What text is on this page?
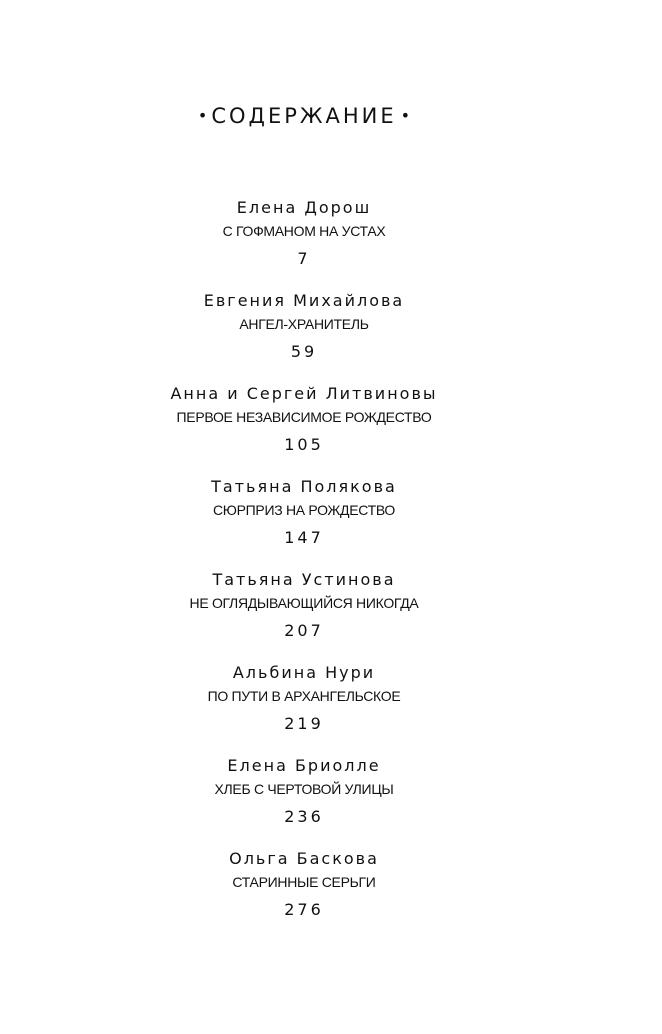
• СОДЕРЖАНИЕ •
Елена Дорош
С ГОФМАНОМ НА УСТАХ
7
Евгения Михайлова
АНГЕЛ-ХРАНИТЕЛЬ
59
Анна и Сергей Литвиновы
ПЕРВОЕ НЕЗАВИСИМОЕ РОЖДЕСТВО
105
Татьяна Полякова
СЮРПРИЗ НА РОЖДЕСТВО
147
Татьяна Устинова
НЕ ОГЛЯДЫВАЮЩИЙСЯ НИКОГДА
207
Альбина Нури
ПО ПУТИ В АРХАНГЕЛЬСКОЕ
219
Елена Бриолле
ХЛЕБ С ЧЕРТОВОЙ УЛИЦЫ
236
Ольга Баскова
СТАРИННЫЕ СЕРЬГИ
276
